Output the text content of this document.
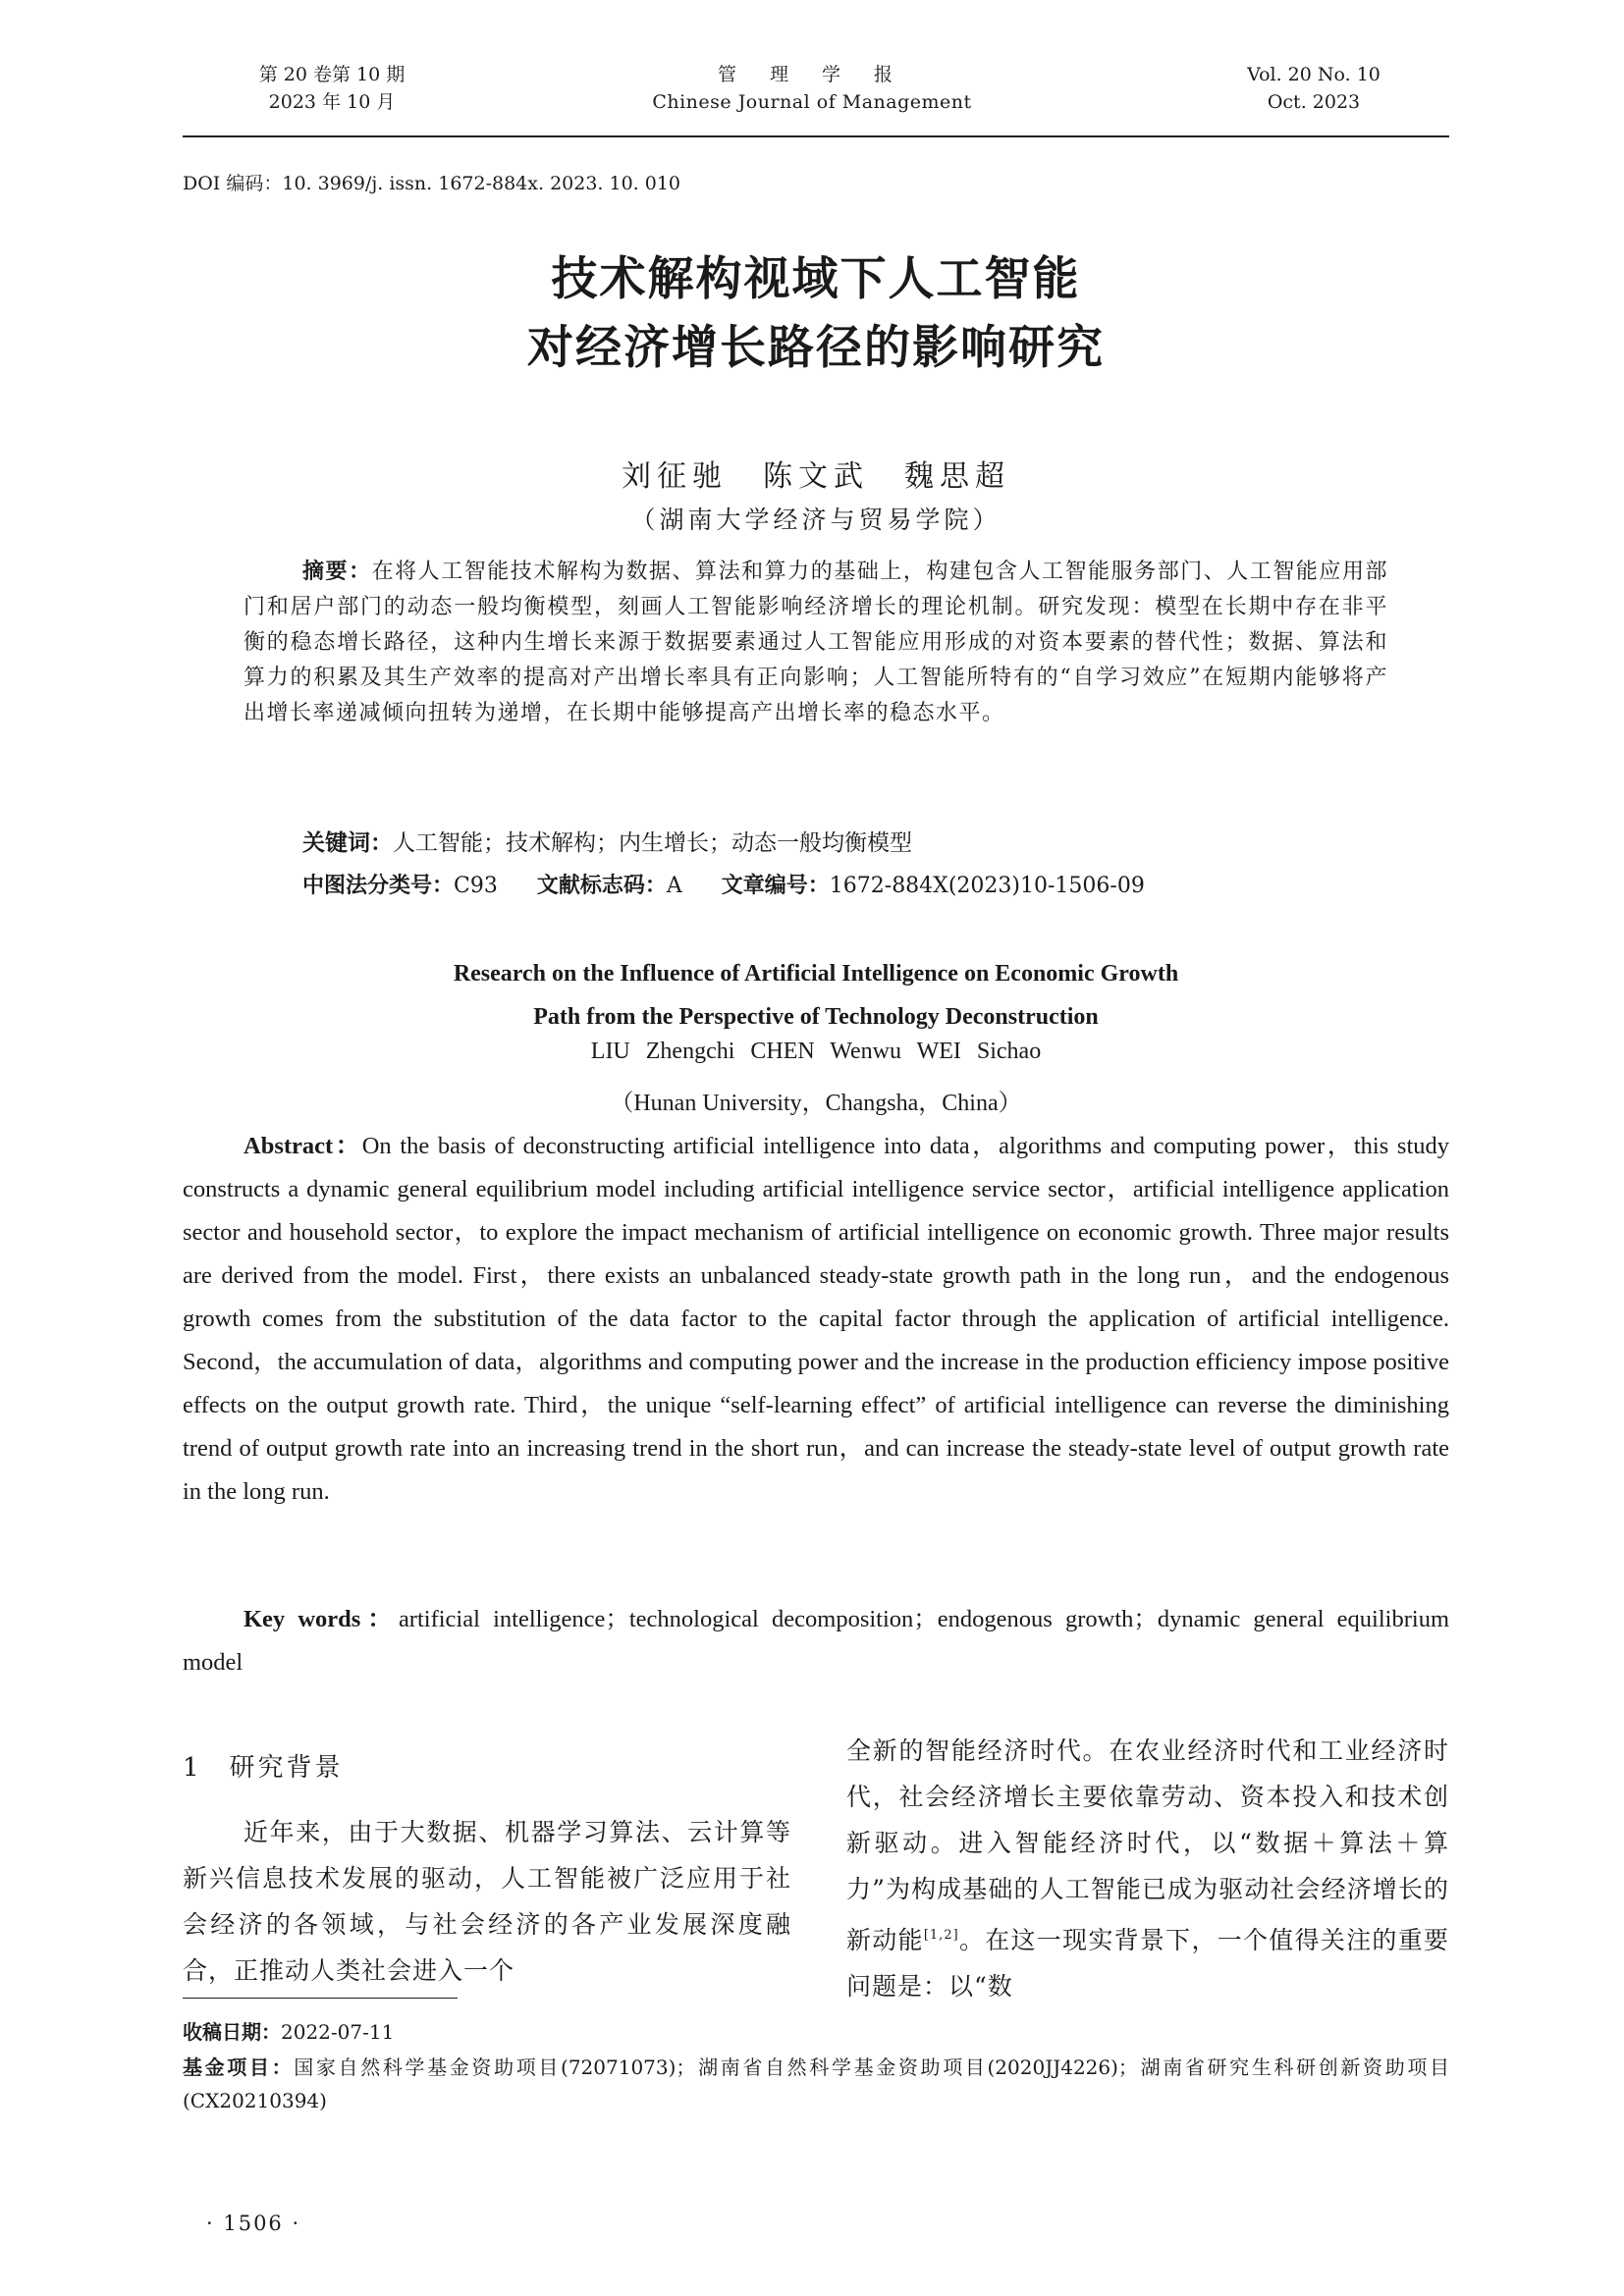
第 20 卷第 10 期
2023 年 10 月
管 理 学 报
Chinese Journal of Management
Vol. 20 No. 10
Oct. 2023
DOI 编码：10. 3969/j. issn. 1672-884x. 2023. 10. 010
技术解构视域下人工智能
对经济增长路径的影响研究
刘征驰　陈文武　魏思超
（湖南大学经济与贸易学院）
摘要：在将人工智能技术解构为数据、算法和算力的基础上，构建包含人工智能服务部门、人工智能应用部门和居户部门的动态一般均衡模型，刻画人工智能影响经济增长的理论机制。研究发现：模型在长期中存在非平衡的稳态增长路径，这种内生增长来源于数据要素通过人工智能应用形成的对资本要素的替代性；数据、算法和算力的积累及其生产效率的提高对产出增长率具有正向影响；人工智能所特有的“自学习效应”在短期内能够将产出增长率递减倾向扭转为递增，在长期中能够提高产出增长率的稳态水平。
关键词：人工智能；技术解构；内生增长；动态一般均衡模型
中图法分类号：C93 文献标志码：A 文章编号：1672-884X(2023)10-1506-09
Research on the Influence of Artificial Intelligence on Economic Growth
Path from the Perspective of Technology Deconstruction
LIU Zhengchi CHEN Wenwu WEI Sichao
（Hunan University，Changsha，China）
Abstract：On the basis of deconstructing artificial intelligence into data，algorithms and computing power，this study constructs a dynamic general equilibrium model including artificial intelligence service sector，artificial intelligence application sector and household sector，to explore the impact mechanism of artificial intelligence on economic growth. Three major results are derived from the model. First，there exists an unbalanced steady-state growth path in the long run，and the endogenous growth comes from the substitution of the data factor to the capital factor through the application of artificial intelligence. Second，the accumulation of data，algorithms and computing power and the increase in the production efficiency impose positive effects on the output growth rate. Third，the unique “self-learning effect” of artificial intelligence can reverse the diminishing trend of output growth rate into an increasing trend in the short run，and can increase the steady-state level of output growth rate in the long run.
Key words：artificial intelligence；technological decomposition；endogenous growth；dynamic general equilibrium model
1 研究背景
近年来，由于大数据、机器学习算法、云计算等新兴信息技术发展的驱动，人工智能被广泛应用于社会经济的各领域，与社会经济的各产业发展深度融合，正推动人类社会进入一个
全新的智能经济时代。在农业经济时代和工业经济时代，社会经济增长主要依靠劳动、资本投入和技术创新驱动。进入智能经济时代，以“数据＋算法＋算力”为构成基础的人工智能已成为驱动社会经济增长的新动能[1,2]。在这一现实背景下，一个值得关注的重要问题是：以“数
收稿日期：2022-07-11
基金项目：国家自然科学基金资助项目(72071073)；湖南省自然科学基金资助项目(2020JJ4226)；湖南省研究生科研创新资助项目(CX20210394)
· 1506 ·
